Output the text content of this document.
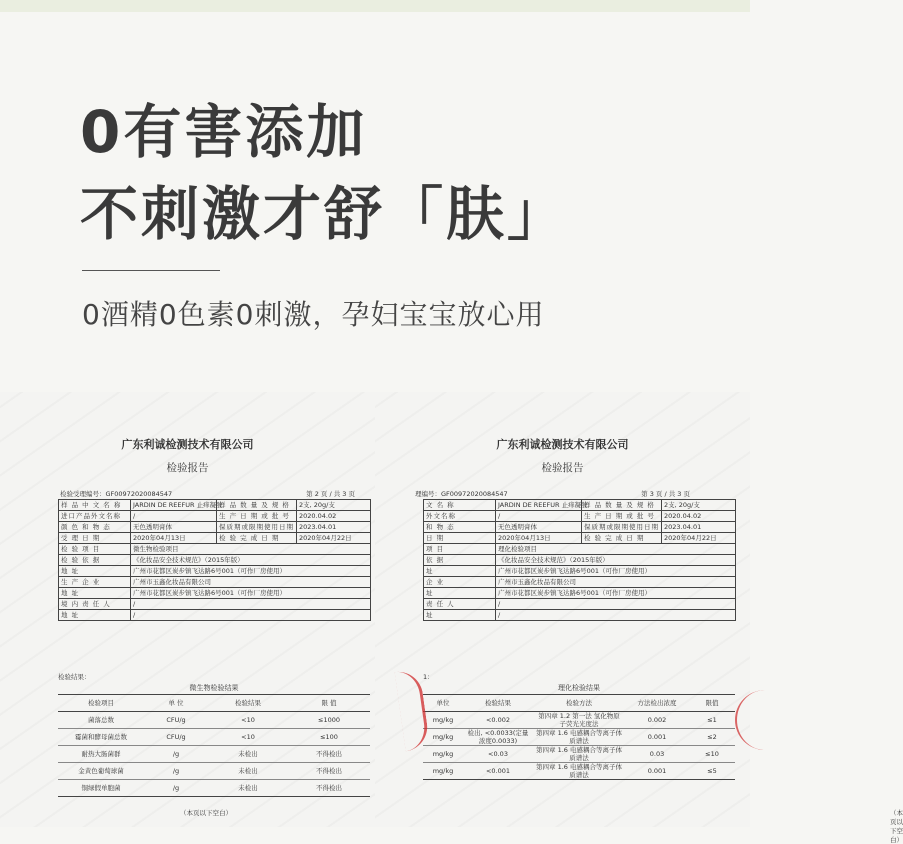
0有害添加
不刺激才舒「肤」
0酒精0色素0刺激，孕妇宝宝放心用
广东利诚检测技术有限公司
检验报告
检验受理编号：GF00972020084547	第 2 页 / 共 3 页
样 品 中 文 名 称	JARDIN DE REEFUR 止痒凝胶	样 品 数 量 及 规 格	2支, 20g/支
进口产品外文名称	/	生 产 日 期 或 批 号	2020.04.02
颜 色 和 物 态	无色透明膏体	保质期或限期使用日期	2023.04.01
受 理 日 期	2020年04月13日	检 验 完 成 日 期	2020年04月22日
检 验 项 目	微生物检验项目		
检 验 依 据	《化妆品安全技术规范》（2015年版）		
地 址	广州市花都区炭步镇飞达路6号001（可作厂房使用）		
生 产 企 业	广州市玉鑫化妆品有限公司		
地 址	广州市花都区炭步镇飞达路6号001（可作厂房使用）		
境 内 责 任 人	/		
地 址	/		
检验结果：
微生物检验结果			
检验项目	单 位	检验结果	限 值
菌落总数	CFU/g	<10	≤1000
霉菌和酵母菌总数	CFU/g	<10	≤100
耐热大肠菌群	/g	未检出	不得检出
金黄色葡萄球菌	/g	未检出	不得检出
铜绿假单胞菌	/g	未检出	不得检出
（本页以下空白）
广东利诚检测技术有限公司
检验报告
理编号：GF00972020084547	第 3 页 / 共 3 页
文 名 称	JARDIN DE REEFUR 止痒凝胶	样 品 数 量 及 规 格	2支, 20g/支
外文名称	/	生 产 日 期 或 批 号	2020.04.02
和 物 态	无色透明膏体	保质期或限期使用日期	2023.04.01
日 期	2020年04月13日	检 验 完 成 日 期	2020年04月22日
项 目	理化检验项目		
依 据	《化妆品安全技术规范》（2015年版）		
址	广州市花都区炭步镇飞达路6号001（可作厂房使用）		
企 业	广州市玉鑫化妆品有限公司		
址	广州市花都区炭步镇飞达路6号001（可作厂房使用）		
责 任 人	/		
址	/		
1：
理化检验结果				
单位	检验结果	检验方法	方法检出浓度	限值
mg/kg	<0.002	第四章 1.2 第一法 氢化物原子荧光光度法	0.002	≤1
mg/kg	检出, <0.0033(定量浓度0.0033)	第四章 1.6 电感耦合等离子体质谱法	0.001	≤2
mg/kg	<0.03	第四章 1.6 电感耦合等离子体质谱法	0.03	≤10
mg/kg	<0.001	第四章 1.6 电感耦合等离子体质谱法	0.001	≤5
（本页以下空白）
